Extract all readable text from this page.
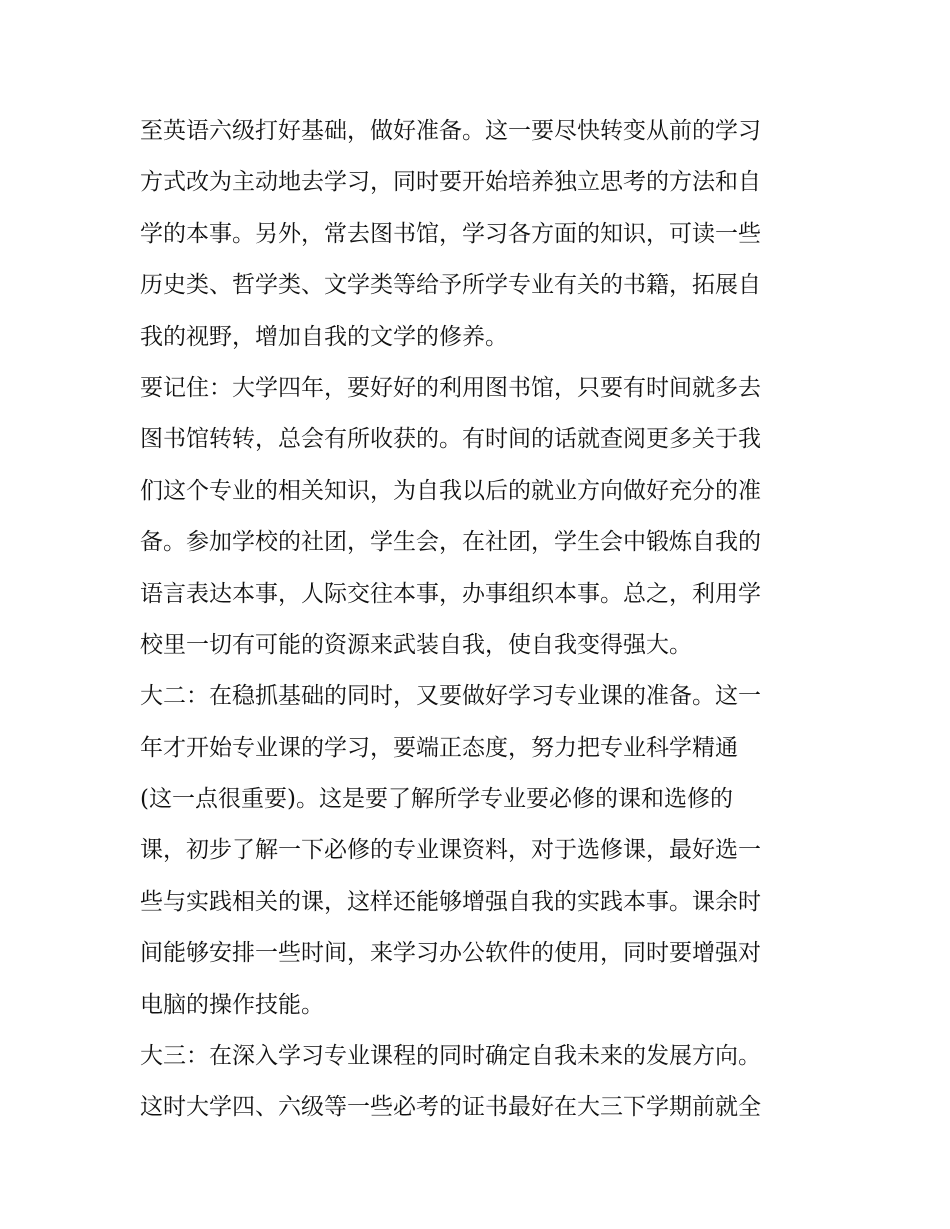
至英语六级打好基础，做好准备。这一要尽快转变从前的学习
方式改为主动地去学习，同时要开始培养独立思考的方法和自
学的本事。另外，常去图书馆，学习各方面的知识，可读一些
历史类、哲学类、文学类等给予所学专业有关的书籍，拓展自
我的视野，增加自我的文学的修养。
要记住：大学四年，要好好的利用图书馆，只要有时间就多去
图书馆转转，总会有所收获的。有时间的话就查阅更多关于我
们这个专业的相关知识，为自我以后的就业方向做好充分的准
备。参加学校的社团，学生会，在社团，学生会中锻炼自我的
语言表达本事，人际交往本事，办事组织本事。总之，利用学
校里一切有可能的资源来武装自我，使自我变得强大。
大二：在稳抓基础的同时，又要做好学习专业课的准备。这一
年才开始专业课的学习，要端正态度，努力把专业科学精通
(这一点很重要)。这是要了解所学专业要必修的课和选修的
课，初步了解一下必修的专业课资料，对于选修课，最好选一
些与实践相关的课，这样还能够增强自我的实践本事。课余时
间能够安排一些时间，来学习办公软件的使用，同时要增强对
电脑的操作技能。
大三：在深入学习专业课程的同时确定自我未来的发展方向。
这时大学四、六级等一些必考的证书最好在大三下学期前就全
